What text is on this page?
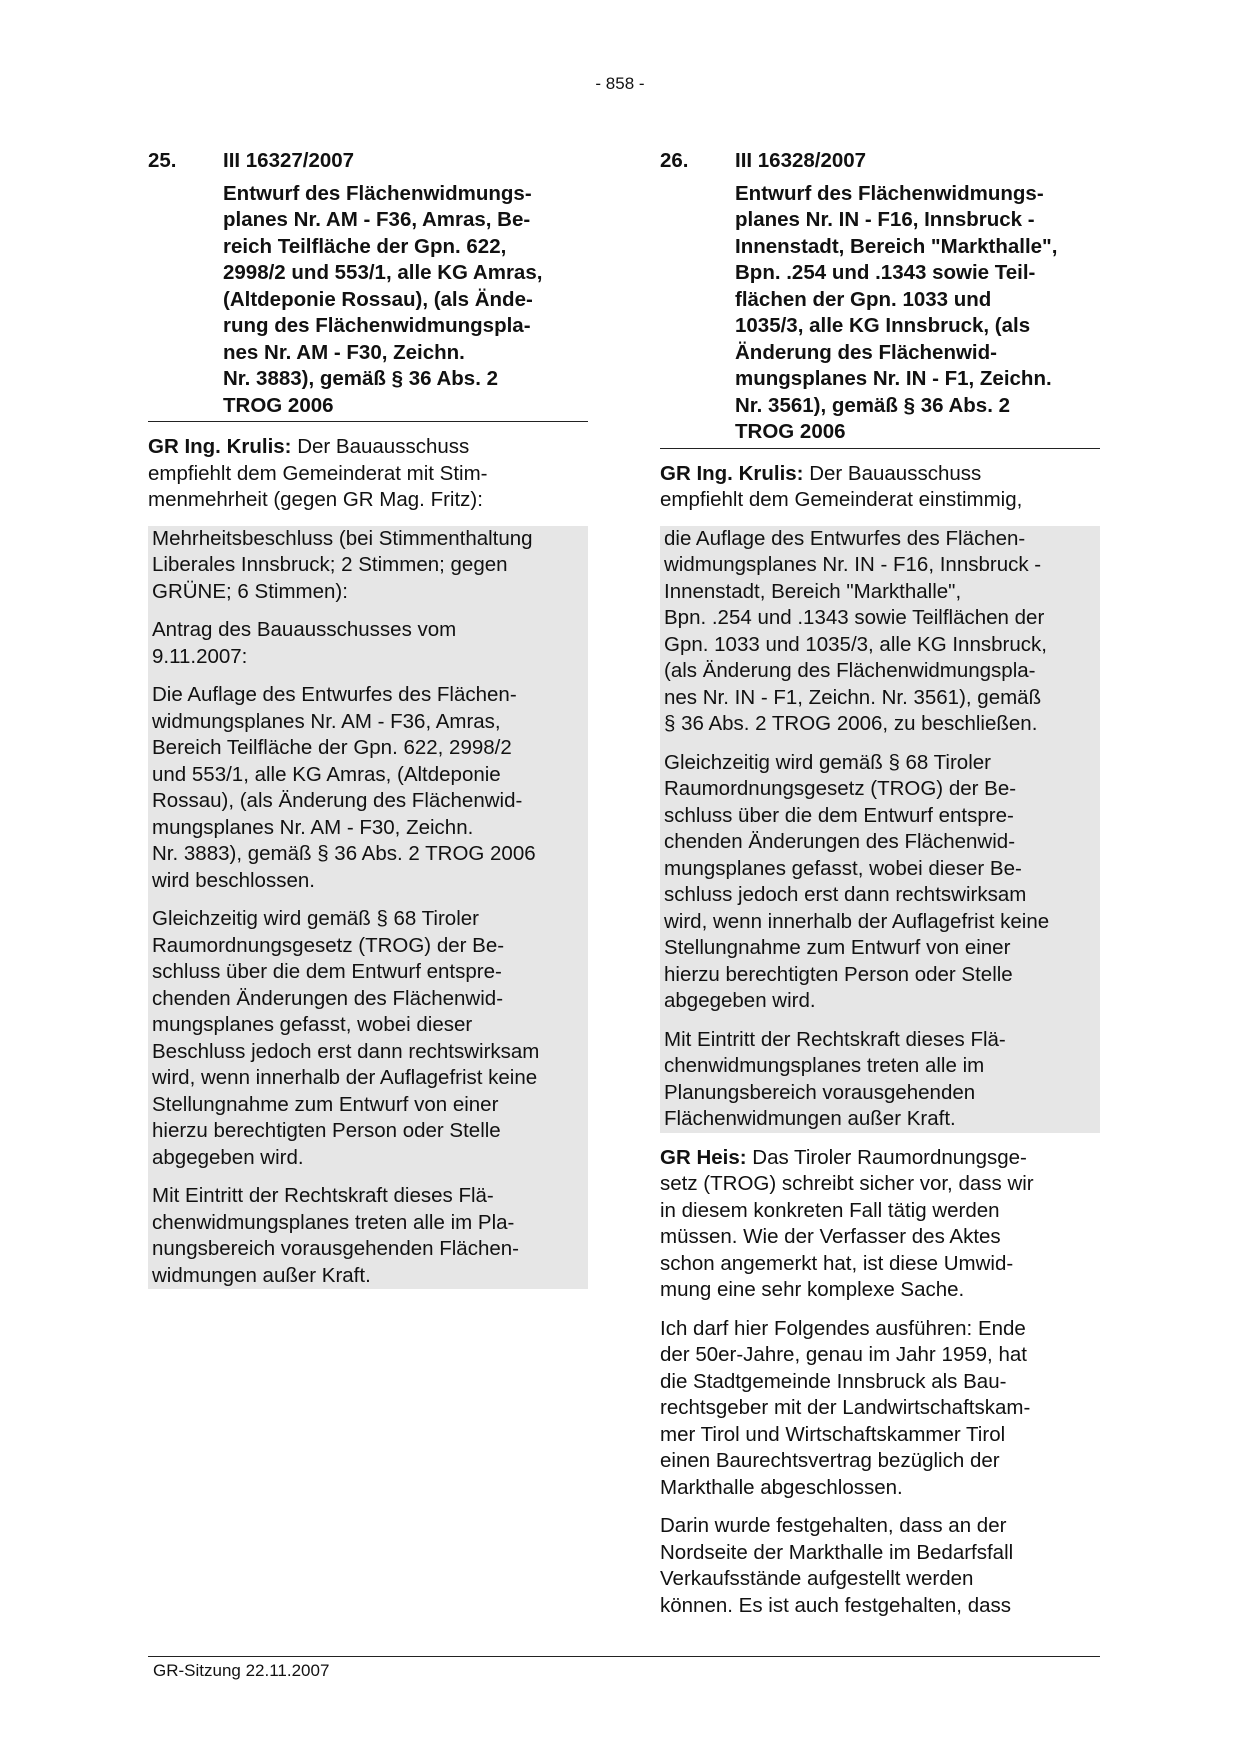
- 858 -
25. III 16327/2007
Entwurf des Flächenwidmungs-
planes Nr. AM - F36, Amras, Be-
reich Teilfläche der Gpn. 622,
2998/2 und 553/1, alle KG Amras,
(Altdeponie Rossau), (als Ände-
rung des Flächenwidmungspla-
nes Nr. AM - F30, Zeichn.
Nr. 3883), gemäß § 36 Abs. 2
TROG 2006
GR Ing. Krulis: Der Bauausschuss
empfiehlt dem Gemeinderat mit Stim-
menmehrheit (gegen GR Mag. Fritz):
Mehrheitsbeschluss (bei Stimmenthaltung
Liberales Innsbruck; 2 Stimmen; gegen
GRÜNE; 6 Stimmen):
Antrag des Bauausschusses vom
9.11.2007:
Die Auflage des Entwurfes des Flächen-
widmungsplanes Nr. AM - F36, Amras,
Bereich Teilfläche der Gpn. 622, 2998/2
und 553/1, alle KG Amras, (Altdeponie
Rossau), (als Änderung des Flächenwid-
mungsplanes Nr. AM - F30, Zeichn.
Nr. 3883), gemäß § 36 Abs. 2 TROG 2006
wird beschlossen.
Gleichzeitig wird gemäß § 68 Tiroler
Raumordnungsgesetz (TROG) der Be-
schluss über die dem Entwurf entspre-
chenden Änderungen des Flächenwid-
mungsplanes gefasst, wobei dieser
Beschluss jedoch erst dann rechtswirksam
wird, wenn innerhalb der Auflagefrist keine
Stellungnahme zum Entwurf von einer
hierzu berechtigten Person oder Stelle
abgegeben wird.
Mit Eintritt der Rechtskraft dieses Flä-
chenwidmungsplanes treten alle im Pla-
nungsbereich vorausgehenden Flächen-
widmungen außer Kraft.
26. III 16328/2007
Entwurf des Flächenwidmungs-
planes Nr. IN - F16, Innsbruck -
Innenstadt, Bereich "Markthalle",
Bpn. .254 und .1343 sowie Teil-
flächen der Gpn. 1033 und
1035/3, alle KG Innsbruck, (als
Änderung des Flächenwid-
mungsplanes Nr. IN - F1, Zeichn.
Nr. 3561), gemäß § 36 Abs. 2
TROG 2006
GR Ing. Krulis: Der Bauausschuss
empfiehlt dem Gemeinderat einstimmig,
die Auflage des Entwurfes des Flächen-
widmungsplanes Nr. IN - F16, Innsbruck -
Innenstadt, Bereich "Markthalle",
Bpn. .254 und .1343 sowie Teilflächen der
Gpn. 1033 und 1035/3, alle KG Innsbruck,
(als Änderung des Flächenwidmungspla-
nes Nr. IN - F1, Zeichn. Nr. 3561), gemäß
§ 36 Abs. 2 TROG 2006, zu beschließen.
Gleichzeitig wird gemäß § 68 Tiroler
Raumordnungsgesetz (TROG) der Be-
schluss über die dem Entwurf entspre-
chenden Änderungen des Flächenwid-
mungsplanes gefasst, wobei dieser Be-
schluss jedoch erst dann rechtswirksam
wird, wenn innerhalb der Auflagefrist keine
Stellungnahme zum Entwurf von einer
hierzu berechtigten Person oder Stelle
abgegeben wird.
Mit Eintritt der Rechtskraft dieses Flä-
chenwidmungsplanes treten alle im
Planungsbereich vorausgehenden
Flächenwidmungen außer Kraft.
GR Heis: Das Tiroler Raumordnungsge-
setz (TROG) schreibt sicher vor, dass wir
in diesem konkreten Fall tätig werden
müssen. Wie der Verfasser des Aktes
schon angemerkt hat, ist diese Umwid-
mung eine sehr komplexe Sache.
Ich darf hier Folgendes ausführen: Ende
der 50er-Jahre, genau im Jahr 1959, hat
die Stadtgemeinde Innsbruck als Bau-
rechtsgeber mit der Landwirtschaftskam-
mer Tirol und Wirtschaftskammer Tirol
einen Baurechtsvertrag bezüglich der
Markthalle abgeschlossen.
Darin wurde festgehalten, dass an der
Nordseite der Markthalle im Bedarfsfall
Verkaufsstände aufgestellt werden
können. Es ist auch festgehalten, dass
GR-Sitzung 22.11.2007
